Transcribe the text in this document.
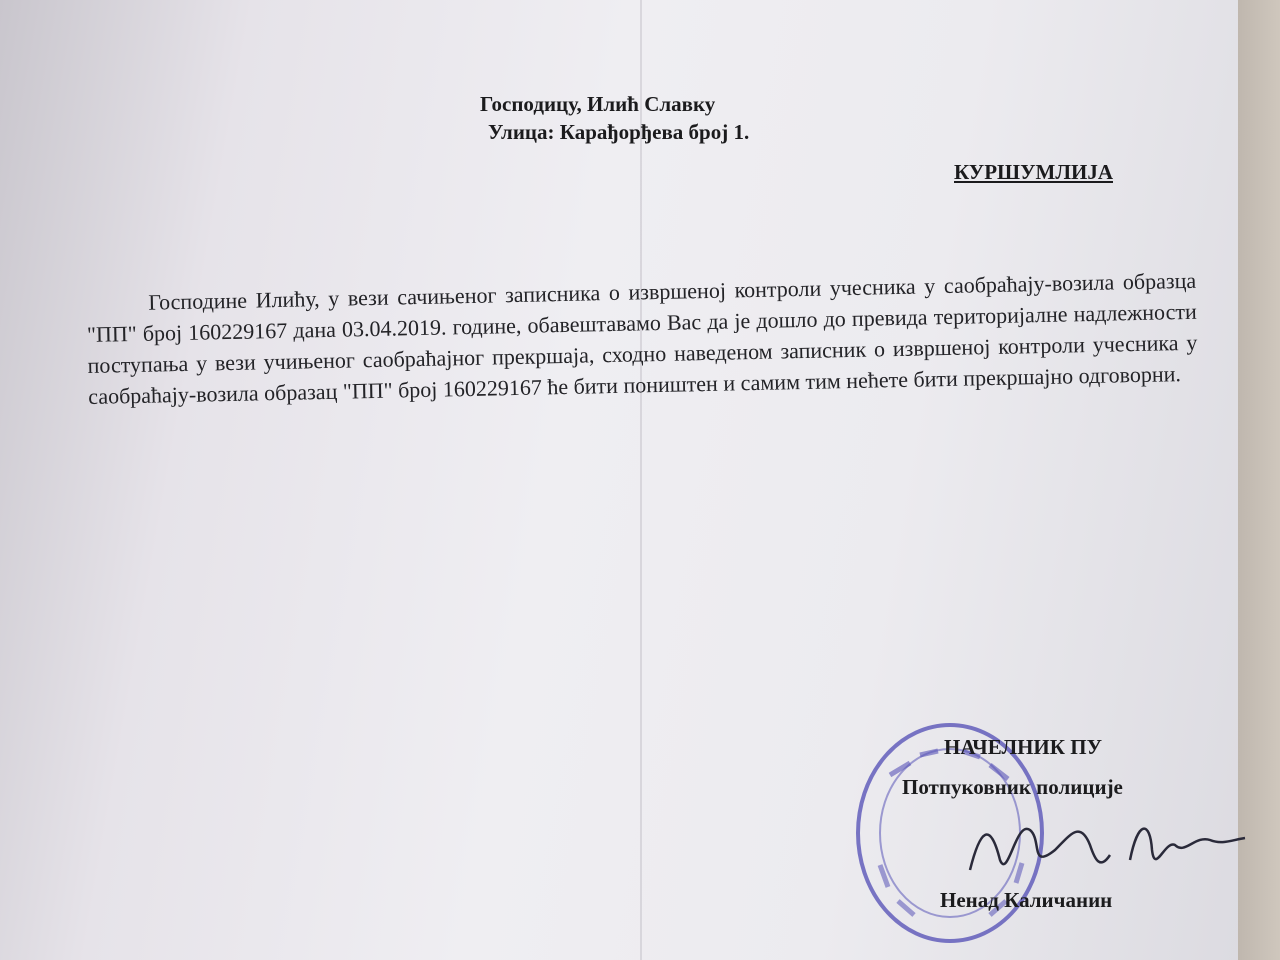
Господицу, Илић Славку
Улица: Карађорђева број 1.
КУРШУМЛИЈА
Господине Илићу, у вези сачињеног записника о извршеној контроли учесника у саобраћају-возила образца "ПП" број 160229167 дана 03.04.2019. године, обавештавамо Вас да је дошло до превида територијалне надлежности поступања у вези учињеног саобраћајног прекршаја, сходно наведеном записник о извршеној контроли учесника у саобраћају-возила образац "ПП" број 160229167 ће бити поништен и самим тим нећете бити прекршајно одговорни.
НАЧЕЛНИК ПУ
Потпуковник полиције
Ненад Каличанин
